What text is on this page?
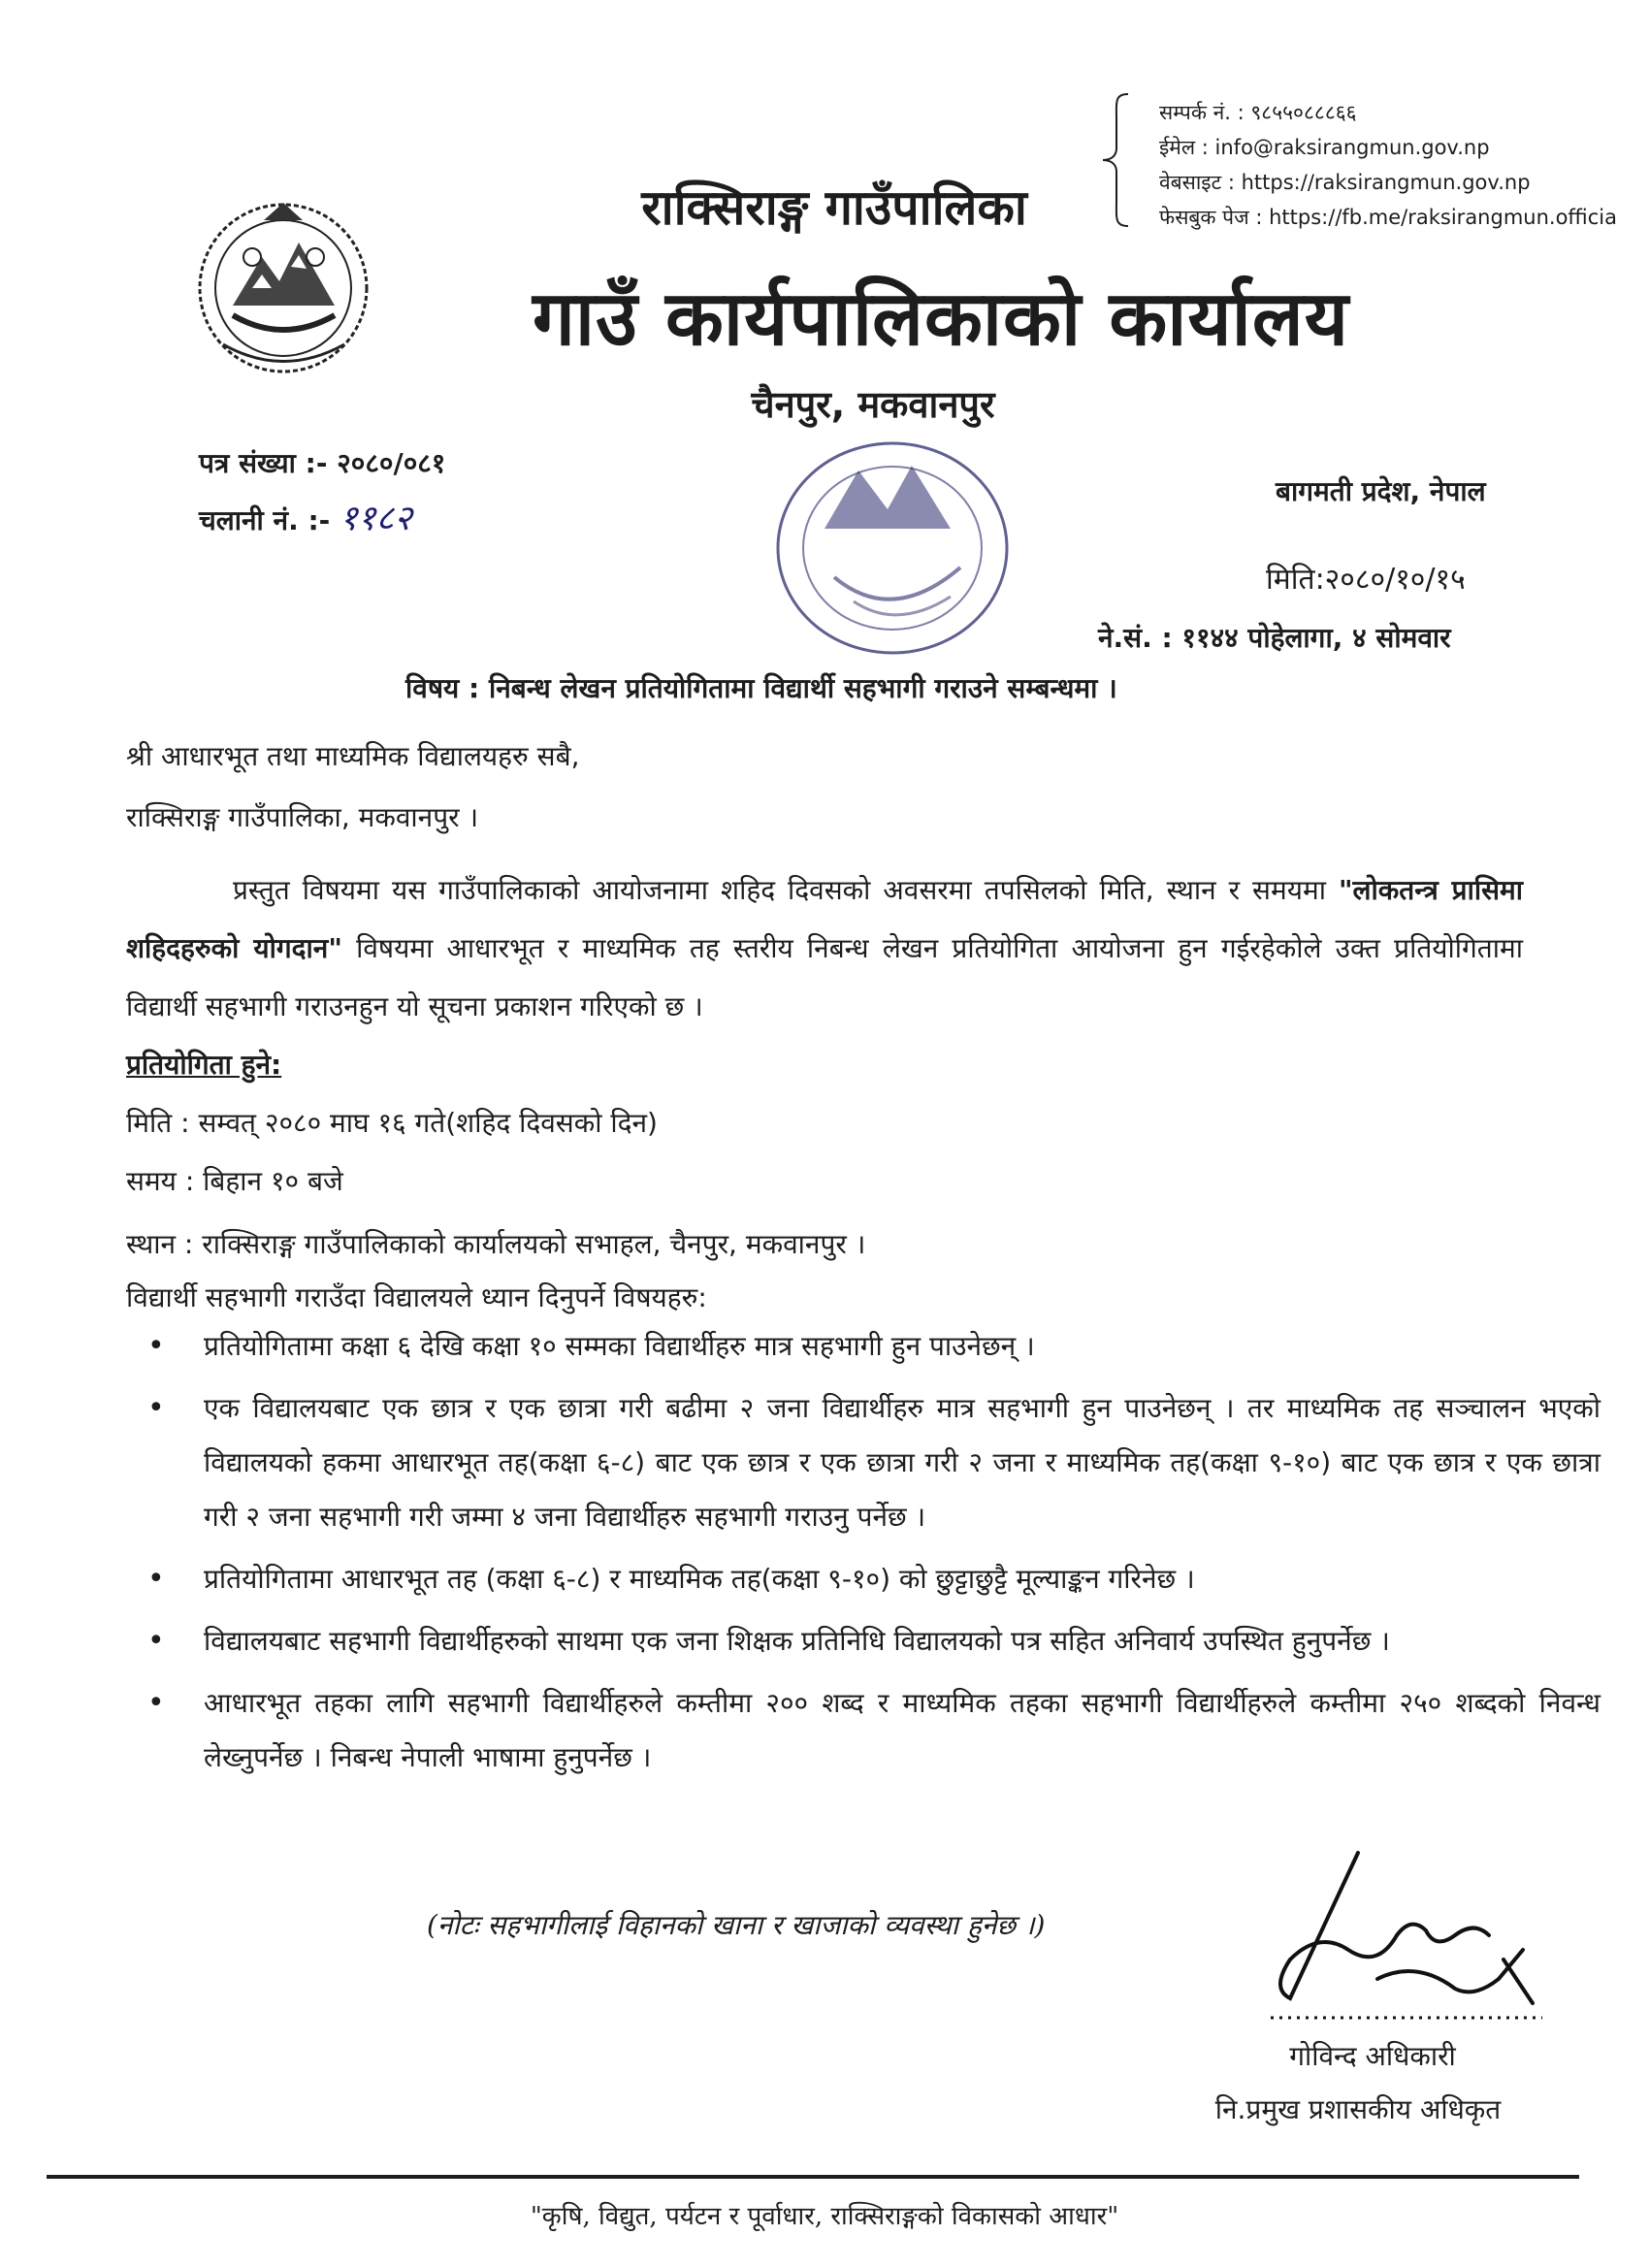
सम्पर्क नं. : ९८५५०८८८६६
ईमेल : info@raksirangmun.gov.np
वेबसाइट : https://raksirangmun.gov.np
फेसबुक पेज : https://fb.me/raksirangmun.officia
राक्सिराङ्ग गाउँपालिका
गाउँ कार्यपालिकाको कार्यालय
चैनपुर, मकवानपुर
पत्र संख्या :- २०८०/०८१
चलानी नं. :- ११८२
बागमती प्रदेश, नेपाल
मिति:२०८०/१०/१५
ने.सं. : ११४४ पोहेलागा, ४ सोमवार
विषय : निबन्ध लेखन प्रतियोगितामा विद्यार्थी सहभागी गराउने सम्बन्धमा ।
श्री आधारभूत तथा माध्यमिक विद्यालयहरु सबै,
राक्सिराङ्ग गाउँपालिका, मकवानपुर ।

प्रस्तुत विषयमा यस गाउँपालिकाको आयोजनामा शहिद दिवसको अवसरमा तपसिलको मिति, स्थान र समयमा "लोकतन्त्र प्रासिमा शहिदहरुको योगदान" विषयमा आधारभूत र माध्यमिक तह स्तरीय निबन्ध लेखन प्रतियोगिता आयोजना हुन गईरहेकोले उक्त प्रतियोगितामा विद्यार्थी सहभागी गराउनहुन यो सूचना प्रकाशन गरिएको छ ।

प्रतियोगिता हुने:
मिति : सम्वत् २०८० माघ १६ गते(शहिद दिवसको दिन)
समय : बिहान १० बजे
स्थान : राक्सिराङ्ग गाउँपालिकाको कार्यालयको सभाहल, चैनपुर, मकवानपुर ।
विद्यार्थी सहभागी गराउँदा विद्यालयले ध्यान दिनुपर्ने विषयहरु:
• प्रतियोगितामा कक्षा ६ देखि कक्षा १० सम्मका विद्यार्थीहरु मात्र सहभागी हुन पाउनेछन् ।
• एक विद्यालयबाट एक छात्र र एक छात्रा गरी बढीमा २ जना विद्यार्थीहरु मात्र सहभागी हुन पाउनेछन् । तर माध्यमिक तह सञ्चालन भएको विद्यालयको हकमा आधारभूत तह(कक्षा ६-८) बाट एक छात्र र एक छात्रा गरी २ जना र माध्यमिक तह(कक्षा ९-१०) बाट एक छात्र र एक छात्रा गरी २ जना सहभागी गरी जम्मा ४ जना विद्यार्थीहरु सहभागी गराउनु पर्नेछ ।
• प्रतियोगितामा आधारभूत तह (कक्षा ६-८) र माध्यमिक तह(कक्षा ९-१०) को छुट्टाछुट्टै मूल्याङ्कन गरिनेछ ।
• विद्यालयबाट सहभागी विद्यार्थीहरुको साथमा एक जना शिक्षक प्रतिनिधि विद्यालयको पत्र सहित अनिवार्य उपस्थित हुनुपर्नेछ ।
• आधारभूत तहका लागि सहभागी विद्यार्थीहरुले कम्तीमा २०० शब्द र माध्यमिक तहका सहभागी विद्यार्थीहरुले कम्तीमा २५० शब्दको निवन्ध लेख्नुपर्नेछ । निबन्ध नेपाली भाषामा हुनुपर्नेछ ।
(नोटः सहभागीलाई विहानको खाना र खाजाको व्यवस्था हुनेछ ।)
गोविन्द अधिकारी
नि.प्रमुख प्रशासकीय अधिकृत
"कृषि, विद्युत, पर्यटन र पूर्वाधार, राक्सिराङ्गको विकासको आधार"
